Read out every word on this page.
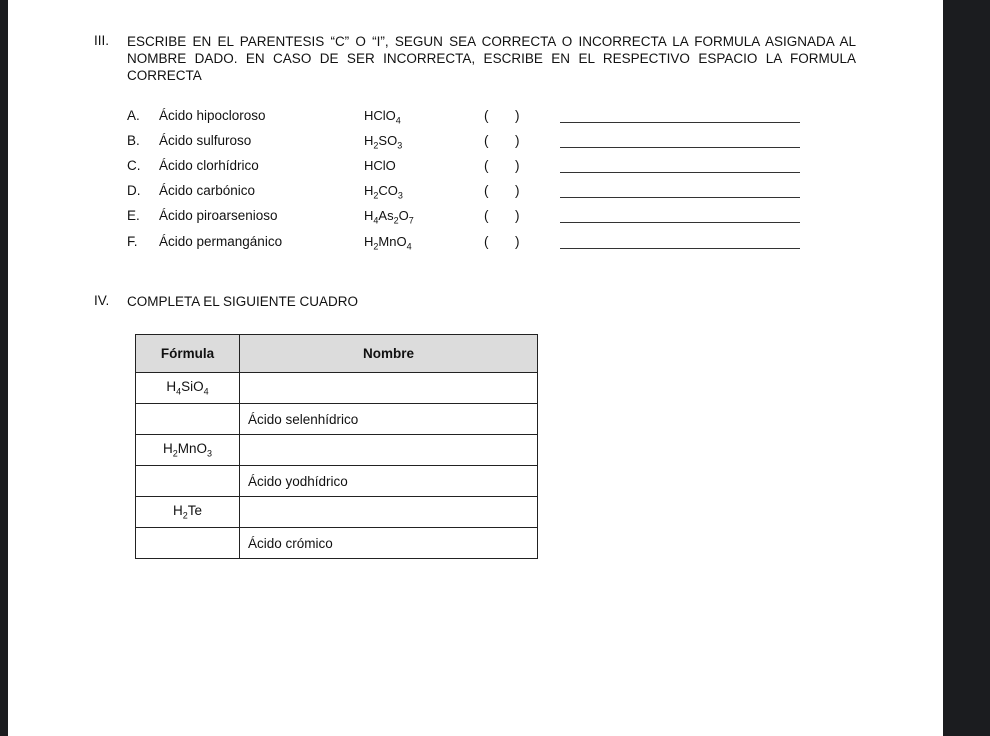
III. ESCRIBE EN EL PARENTESIS “C” O “I”, SEGUN SEA CORRECTA O INCORRECTA LA FORMULA ASIGNADA AL NOMBRE DADO. EN CASO DE SER INCORRECTA, ESCRIBE EN EL RESPECTIVO ESPACIO LA FORMULA CORRECTA
A. Ácido hipocloroso	HClO$_4$	( )
B. Ácido sulfuroso	$H_2SO_3$	( )
C. Ácido clorhídrico	HClO	( )
D. Ácido carbónico	$H_2CO_3$	( )
E. Ácido piroarsenioso	$H_4As_2O_7$	( )
F. Ácido permangánico	$H_2MnO_4$	( )
IV. COMPLETA EL SIGUIENTE CUADRO
Fórmula	Nombre
$H_4SiO_4$	
	Ácido selenhídrico
$H_2MnO_3$	
	Ácido yodhídrico
$H_2Te$	
	Ácido crómico
